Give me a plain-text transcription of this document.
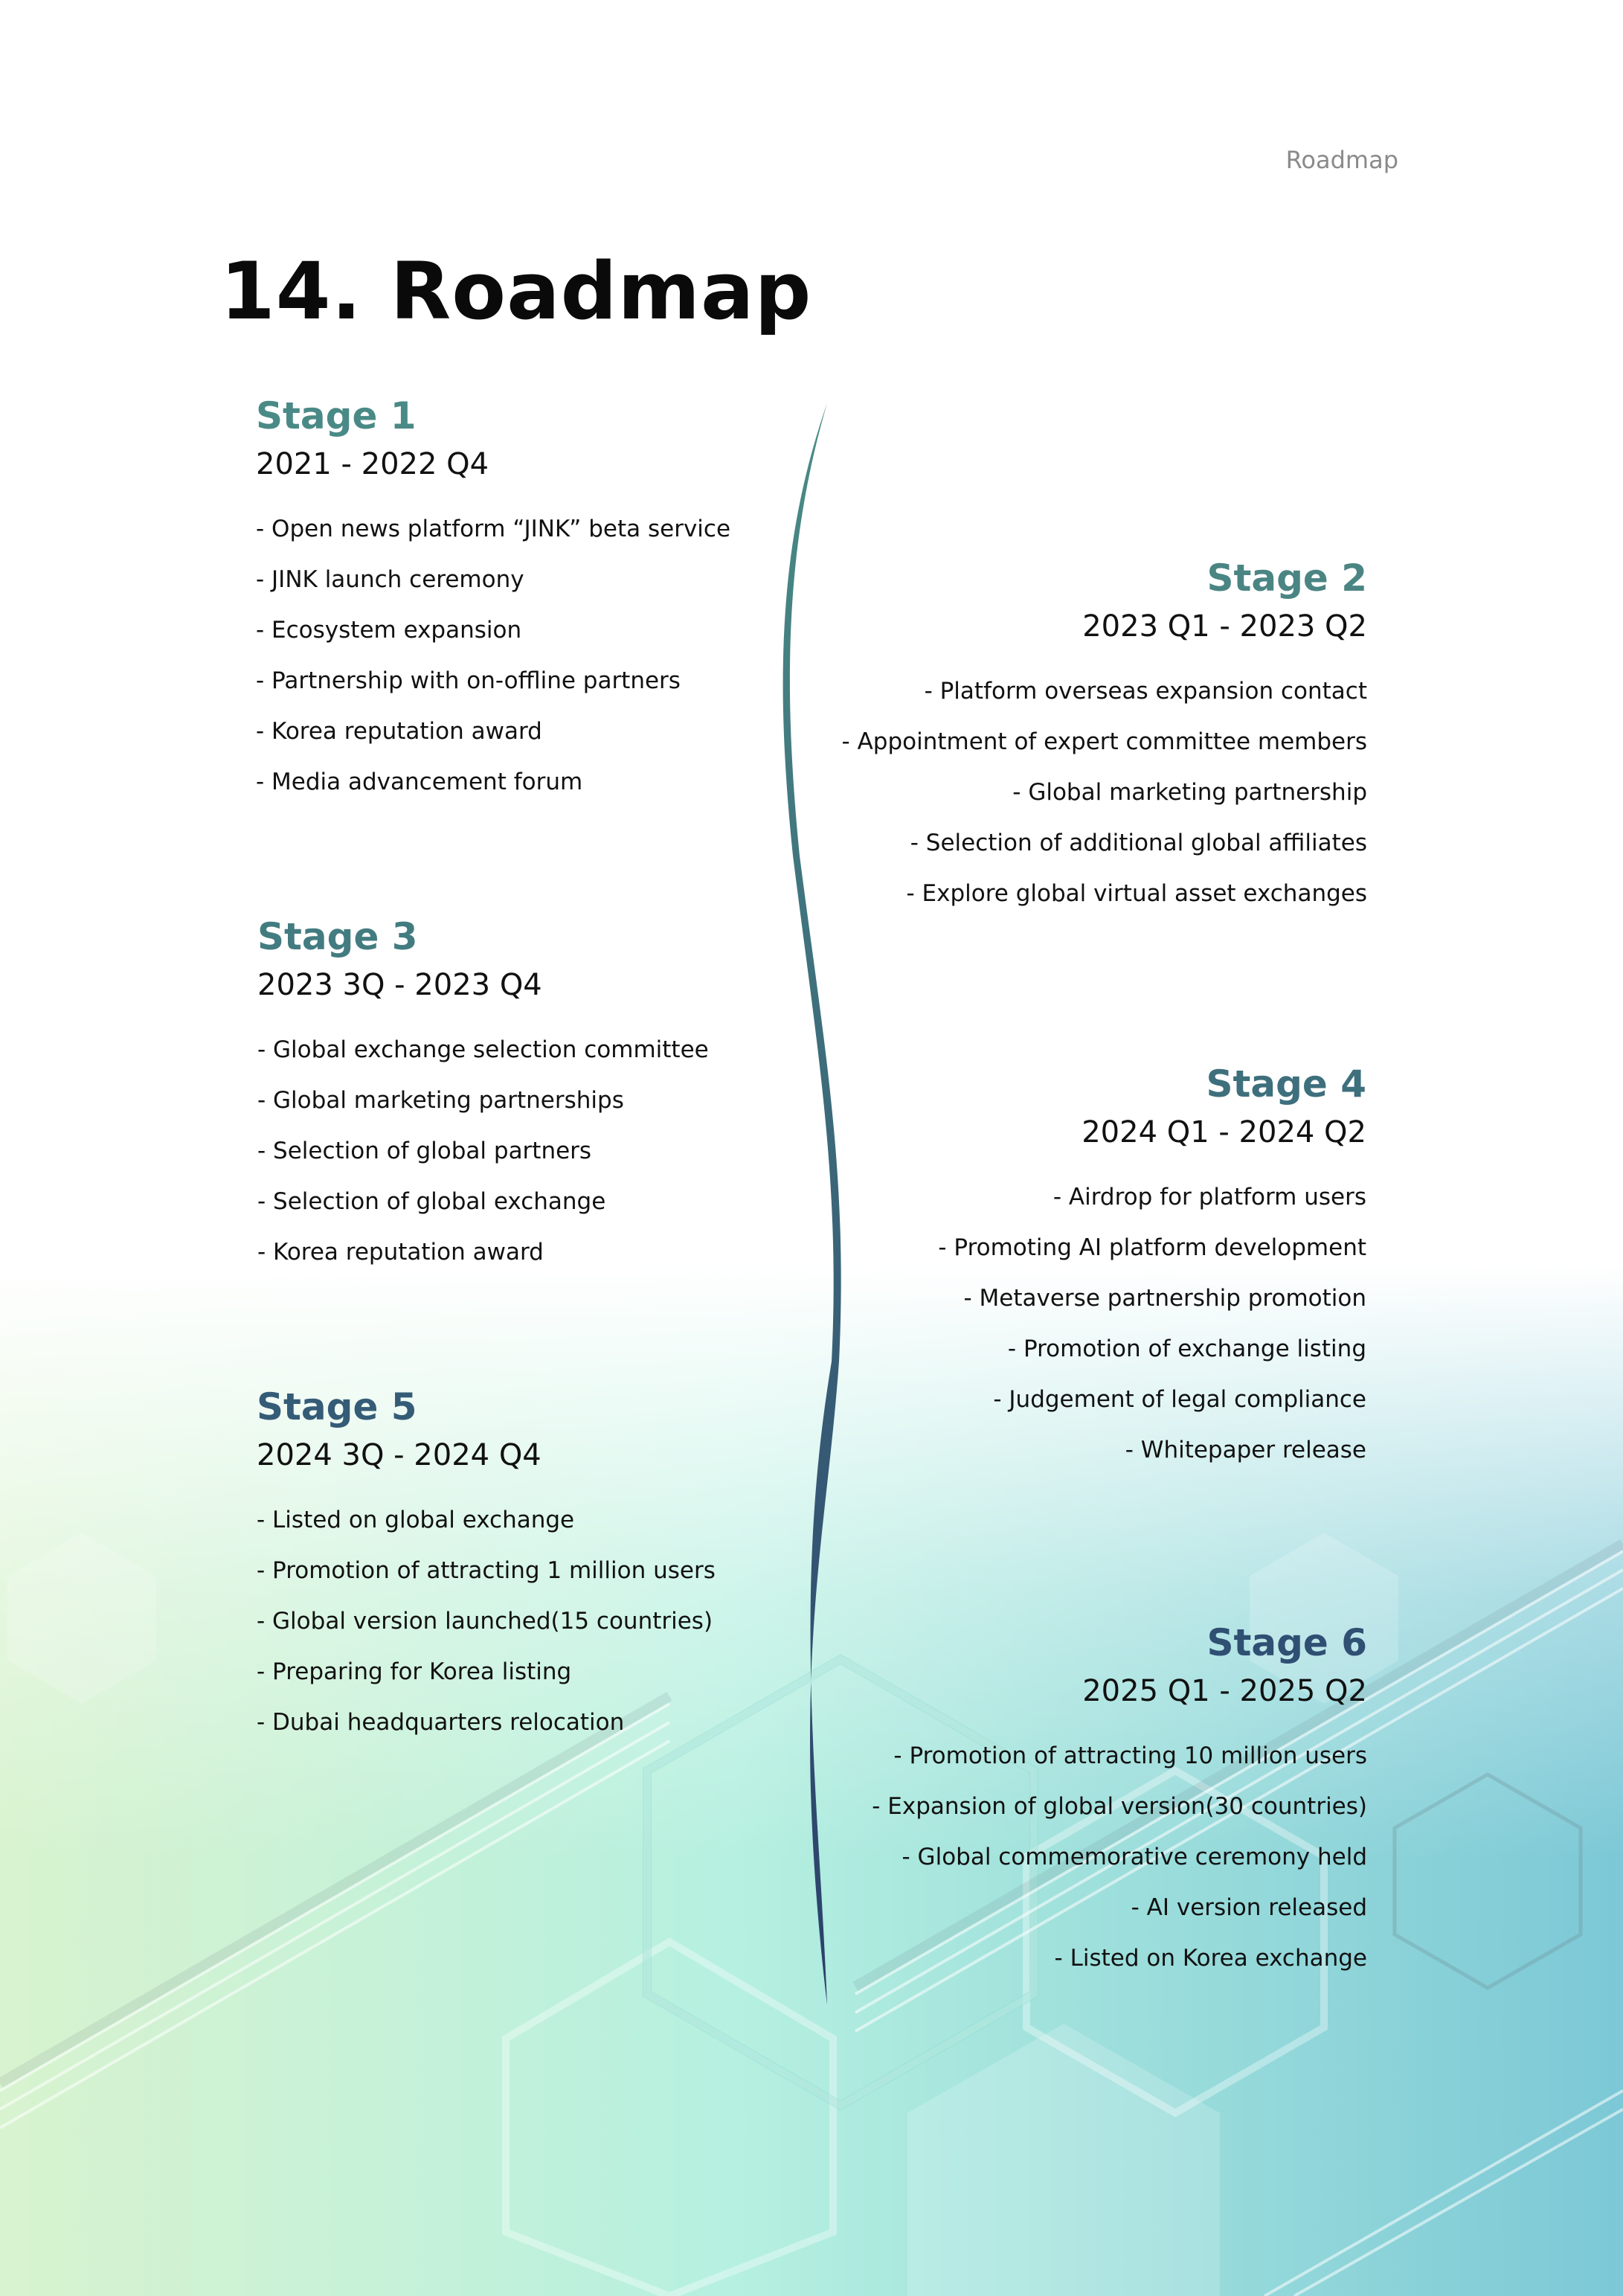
Roadmap
14. Roadmap
Stage 1
2021 - 2022 Q4
- Open news platform “JINK” beta service
- JINK launch ceremony
- Ecosystem expansion
- Partnership with on-offline partners
- Korea reputation award
- Media advancement forum
Stage 2
2023 Q1 - 2023 Q2
- Platform overseas expansion contact
- Appointment of expert committee members
- Global marketing partnership
- Selection of additional global affiliates
- Explore global virtual asset exchanges
Stage 3
2023 3Q - 2023 Q4
- Global exchange selection committee
- Global marketing partnerships
- Selection of global partners
- Selection of global exchange
- Korea reputation award
Stage 4
2024 Q1 - 2024 Q2
- Airdrop for platform users
- Promoting AI platform development
- Metaverse partnership promotion
- Promotion of exchange listing
- Judgement of legal compliance
- Whitepaper release
Stage 5
2024 3Q - 2024 Q4
- Listed on global exchange
- Promotion of attracting 1 million users
- Global version launched(15 countries)
- Preparing for Korea listing
- Dubai headquarters relocation
Stage 6
2025 Q1 - 2025 Q2
- Promotion of attracting 10 million users
- Expansion of global version(30 countries)
- Global commemorative ceremony held
- AI version released
- Listed on Korea exchange
